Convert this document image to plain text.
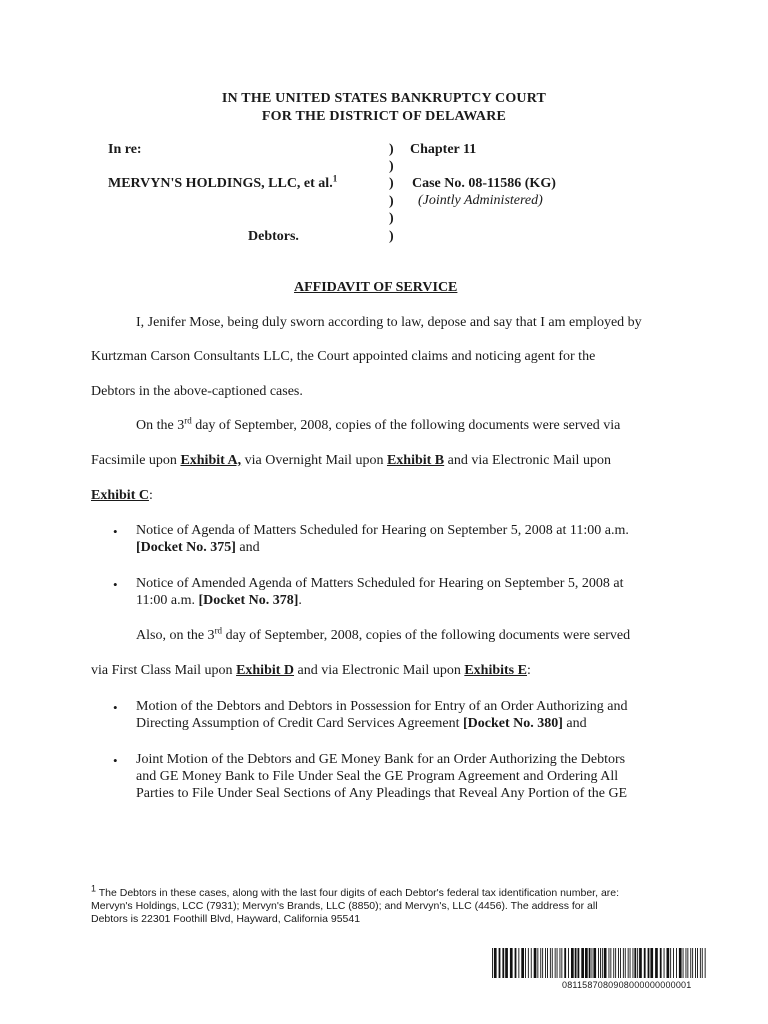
IN THE UNITED STATES BANKRUPTCY COURT
FOR THE DISTRICT OF DELAWARE
In re:
MERVYN'S HOLDINGS, LLC, et al.$^1$
Debtors.
)
)
)
)
)
)
Chapter 11
Case No. 08-11586 (KG)
(Jointly Administered)
AFFIDAVIT OF SERVICE
I, Jenifer Mose, being duly sworn according to law, depose and say that I am employed by
Kurtzman Carson Consultants LLC, the Court appointed claims and noticing agent for the
Debtors in the above-captioned cases.
On the 3rd day of September, 2008, copies of the following documents were served via
Facsimile upon Exhibit A, via Overnight Mail upon Exhibit B and via Electronic Mail upon
Exhibit C:
• Notice of Agenda of Matters Scheduled for Hearing on September 5, 2008 at 11:00 a.m.
[Docket No. 375] and
• Notice of Amended Agenda of Matters Scheduled for Hearing on September 5, 2008 at
11:00 a.m. [Docket No. 378].
Also, on the 3rd day of September, 2008, copies of the following documents were served
via First Class Mail upon Exhibit D and via Electronic Mail upon Exhibits E:
• Motion of the Debtors and Debtors in Possession for Entry of an Order Authorizing and
Directing Assumption of Credit Card Services Agreement [Docket No. 380] and
• Joint Motion of the Debtors and GE Money Bank for an Order Authorizing the Debtors
and GE Money Bank to File Under Seal the GE Program Agreement and Ordering All
Parties to File Under Seal Sections of Any Pleadings that Reveal Any Portion of the GE
$^1$ The Debtors in these cases, along with the last four digits of each Debtor's federal tax identification number, are:
Mervyn's Holdings, LCC (7931); Mervyn's Brands, LLC (8850); and Mervyn's, LLC (4456). The address for all
Debtors is 22301 Foothill Blvd, Hayward, California 95541
0811587080908000000000001
